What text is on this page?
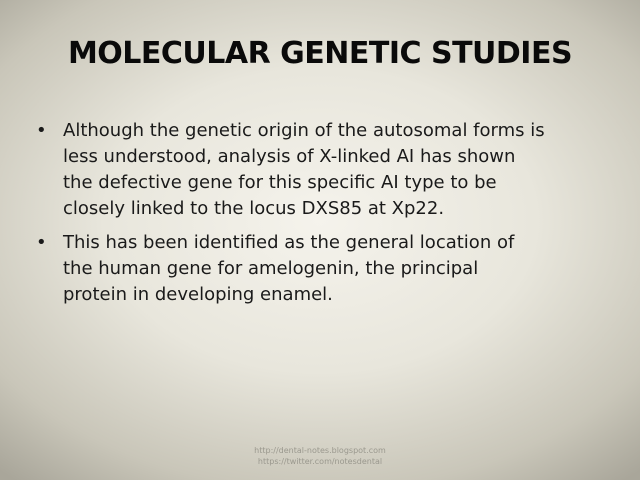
MOLECULAR GENETIC STUDIES
• Although the genetic origin of the autosomal forms is
less understood, analysis of X-linked AI has shown
the defective gene for this specific AI type to be
closely linked to the locus DXS85 at Xp22.
• This has been identified as the general location of
the human gene for amelogenin, the principal
protein in developing enamel.
http://dental-notes.blogspot.com
https://twitter.com/notesdental
